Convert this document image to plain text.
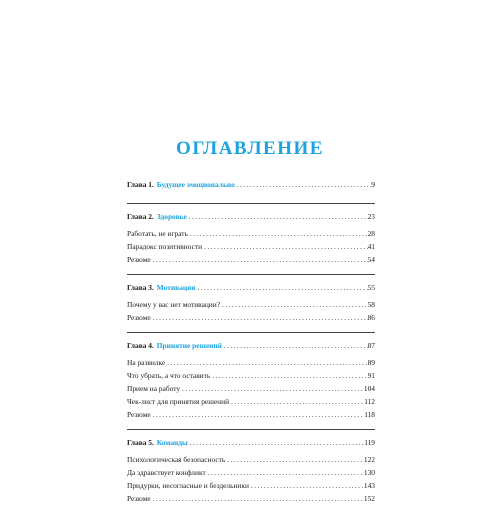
ОГЛАВЛЕНИЕ
Глава 1. Будущее эмоционально .....	9
Глава 2. Здоровье .....	23
Работать, не играть .....	28
Парадокс позитивности .....	41
Резюме .....	54
Глава 3. Мотивация .....	55
Почему у вас нет мотивации? .....	58
Резюме .....	86
Глава 4. Принятие решений .....	87
На развилке .....	89
Что убрать, а что оставить .....	91
Прием на работу .....	104
Чек-лист для принятия решений .....	112
Резюме .....	118
Глава 5. Команды .....	119
Психологическая безопасность .....	122
Да здравствует конфликт .....	130
Придурки, несогласные и бездельники .....	143
Резюме .....	152
